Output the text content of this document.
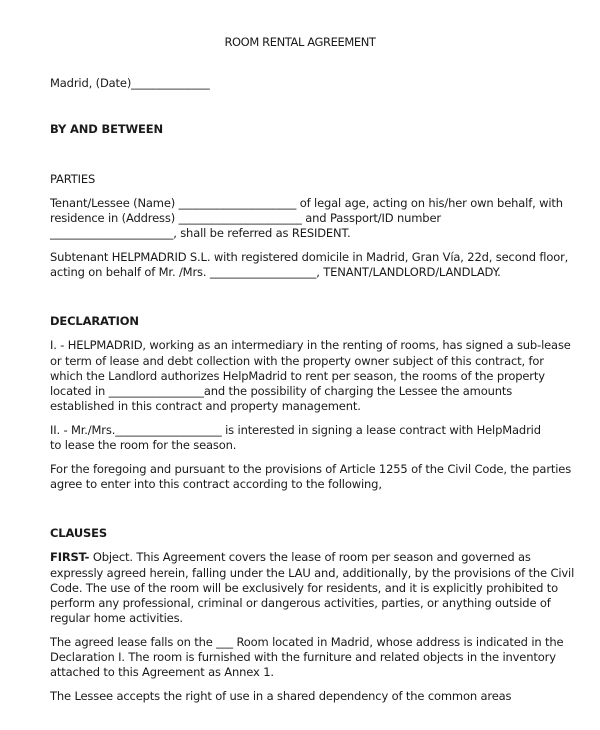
ROOM RENTAL AGREEMENT
Madrid, (Date)______________
BY AND BETWEEN
PARTIES
Tenant/Lessee (Name) _____________________ of legal age, acting on his/her own behalf, with
residence in (Address) ______________________ and Passport/ID number
______________________, shall be referred as RESIDENT.
Subtenant HELPMADRID S.L. with registered domicile in Madrid, Gran Vía, 22d, second floor,
acting on behalf of Mr. /Mrs. ___________________, TENANT/LANDLORD/LANDLADY.
DECLARATION
I. - HELPMADRID, working as an intermediary in the renting of rooms, has signed a sub-lease
or term of lease and debt collection with the property owner subject of this contract, for
which the Landlord authorizes HelpMadrid to rent per season, the rooms of the property
located in _________________and the possibility of charging the Lessee the amounts
established in this contract and property management.
II. - Mr./Mrs.___________________ is interested in signing a lease contract with HelpMadrid
to lease the room for the season.
For the foregoing and pursuant to the provisions of Article 1255 of the Civil Code, the parties
agree to enter into this contract according to the following,
CLAUSES
FIRST- Object. This Agreement covers the lease of room per season and governed as
expressly agreed herein, falling under the LAU and, additionally, by the provisions of the Civil
Code. The use of the room will be exclusively for residents, and it is explicitly prohibited to
perform any professional, criminal or dangerous activities, parties, or anything outside of
regular home activities.
The agreed lease falls on the ___ Room located in Madrid, whose address is indicated in the
Declaration I. The room is furnished with the furniture and related objects in the inventory
attached to this Agreement as Annex 1.
The Lessee accepts the right of use in a shared dependency of the common areas
